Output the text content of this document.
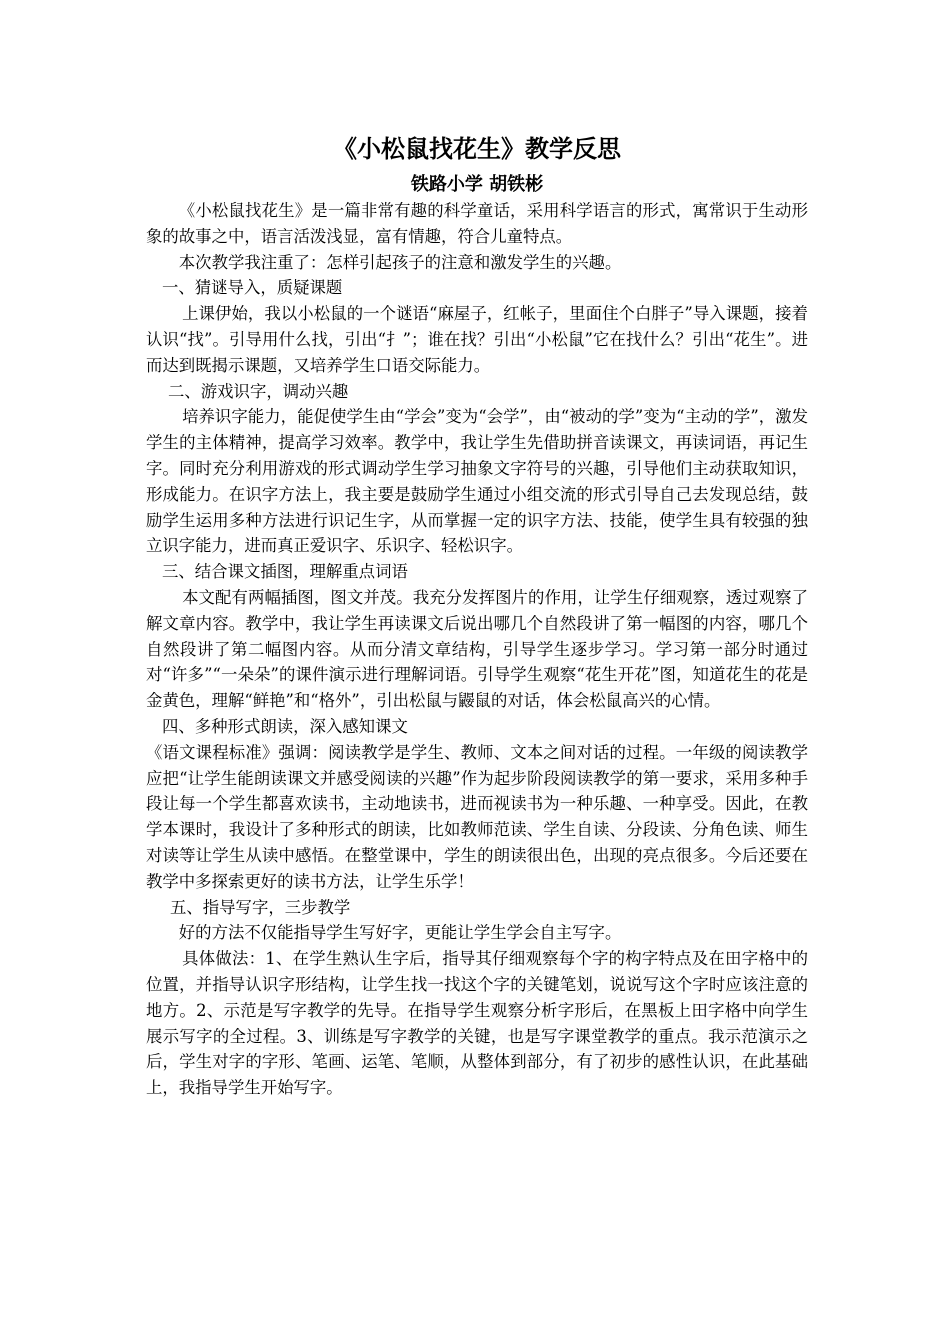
《小松鼠找花生》教学反思
铁路小学 胡铁彬

《小松鼠找花生》是一篇非常有趣的科学童话，采用科学语言的形式，寓常识于生动形象的故事之中，语言活泼浅显，富有情趣，符合儿童特点。

本次教学我注重了：怎样引起孩子的注意和激发学生的兴趣。

一、猜谜导入，质疑课题

上课伊始，我以小松鼠的一个谜语“麻屋子，红帐子，里面住个白胖子”导入课题，接着认识“找”。引导用什么找，引出“扌”；谁在找？引出“小松鼠”它在找什么？引出“花生”。进而达到既揭示课题，又培养学生口语交际能力。

二、游戏识字，调动兴趣

培养识字能力，能促使学生由“学会”变为“会学”，由“被动的学”变为“主动的学”，激发学生的主体精神，提高学习效率。教学中，我让学生先借助拼音读课文，再读词语，再记生字。同时充分利用游戏的形式调动学生学习抽象文字符号的兴趣，引导他们主动获取知识，形成能力。在识字方法上，我主要是鼓励学生通过小组交流的形式引导自己去发现总结，鼓励学生运用多种方法进行识记生字，从而掌握一定的识字方法、技能，使学生具有较强的独立识字能力，进而真正爱识字、乐识字、轻松识字。

三、结合课文插图，理解重点词语

本文配有两幅插图，图文并茂。我充分发挥图片的作用，让学生仔细观察，透过观察了解文章内容。教学中，我让学生再读课文后说出哪几个自然段讲了第一幅图的内容，哪几个自然段讲了第二幅图内容。从而分清文章结构，引导学生逐步学习。学习第一部分时通过对“许多”“一朵朵”的课件演示进行理解词语。引导学生观察“花生开花”图，知道花生的花是金黄色，理解“鲜艳”和“格外”，引出松鼠与鼹鼠的对话，体会松鼠高兴的心情。

四、多种形式朗读，深入感知课文

《语文课程标准》强调：阅读教学是学生、教师、文本之间对话的过程。一年级的阅读教学应把“让学生能朗读课文并感受阅读的兴趣”作为起步阶段阅读教学的第一要求，采用多种手段让每一个学生都喜欢读书，主动地读书，进而视读书为一种乐趣、一种享受。因此，在教学本课时，我设计了多种形式的朗读，比如教师范读、学生自读、分段读、分角色读、师生对读等让学生从读中感悟。在整堂课中，学生的朗读很出色，出现的亮点很多。今后还要在教学中多探索更好的读书方法，让学生乐学！

五、指导写字，三步教学

好的方法不仅能指导学生写好字，更能让学生学会自主写字。

具体做法：1、在学生熟认生字后，指导其仔细观察每个字的构字特点及在田字格中的位置，并指导认识字形结构，让学生找一找这个字的关键笔划，说说写这个字时应该注意的地方。2、示范是写字教学的先导。在指导学生观察分析字形后，在黑板上田字格中向学生展示写字的全过程。3、训练是写字教学的关键，也是写字课堂教学的重点。我示范演示之后，学生对字的字形、笔画、运笔、笔顺，从整体到部分，有了初步的感性认识，在此基础上，我指导学生开始写字。
